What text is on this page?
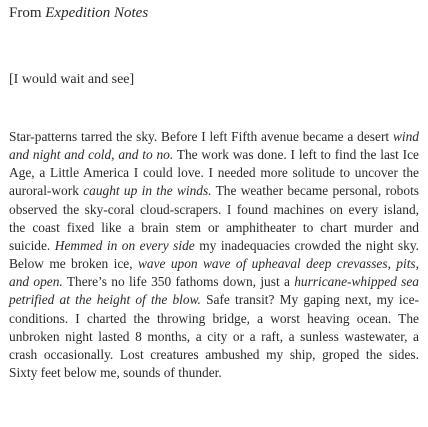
From Expedition Notes
[I would wait and see]
Star-patterns tarred the sky. Before I left Fifth avenue became a desert wind and night and cold, and to no. The work was done. I left to find the last Ice Age, a Little America I could love. I needed more solitude to uncover the auroral-work caught up in the winds. The weather became personal, robots observed the sky-coral cloud-scrapers. I found machines on every island, the coast fixed like a brain stem or amphitheater to chart murder and suicide. Hemmed in on every side my inadequacies crowded the night sky. Below me broken ice, wave upon wave of upheaval deep crevasses, pits, and open. There’s no life 350 fathoms down, just a hurricane-whipped sea petrified at the height of the blow. Safe transit? My gaping next, my ice-conditions. I charted the throwing bridge, a worst heaving ocean. The unbroken night lasted 8 months, a city or a raft, a sunless wastewater, a crash occasionally. Lost creatures ambushed my ship, groped the sides. Sixty feet below me, sounds of thunder.
